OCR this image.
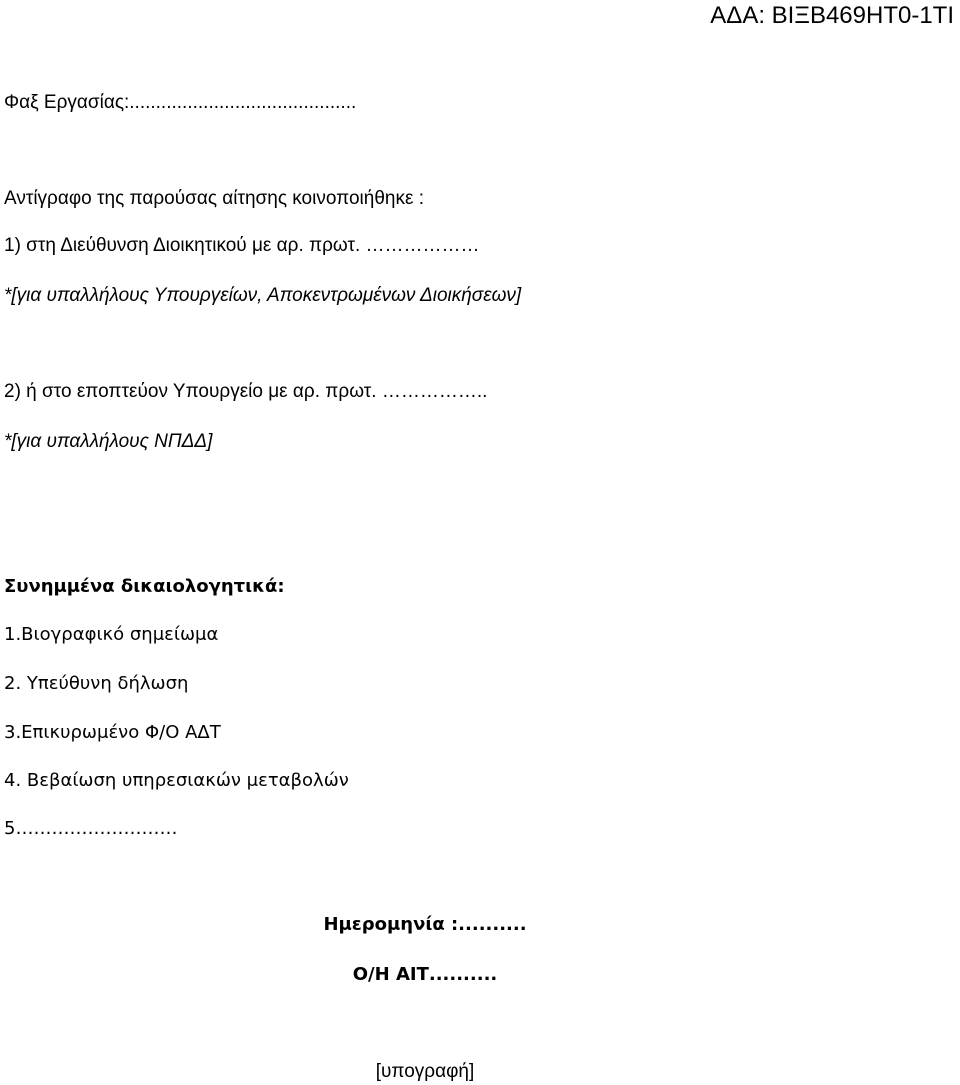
ΑΔΑ: ΒΙΞΒ469ΗΤ0-1ΤΙ
Φαξ Εργασίας:...........................................
Αντίγραφο της παρούσας αίτησης κοινοποιήθηκε :
1) στη Διεύθυνση Διοικητικού με αρ. πρωτ. ………………
*[για υπαλλήλους Υπουργείων, Αποκεντρωμένων Διοικήσεων]
2) ή στο εποπτεύον Υπουργείο με αρ. πρωτ. ……………..
*[για υπαλλήλους ΝΠΔΔ]
Συνημμένα δικαιολογητικά:
1.Βιογραφικό σημείωμα
2. Υπεύθυνη δήλωση
3.Επικυρωμένο Φ/Ο ΑΔΤ
4. Βεβαίωση υπηρεσιακών μεταβολών
5………………………
Ημερομηνία :..........
Ο/Η ΑΙΤ..........
[υπογραφή]
